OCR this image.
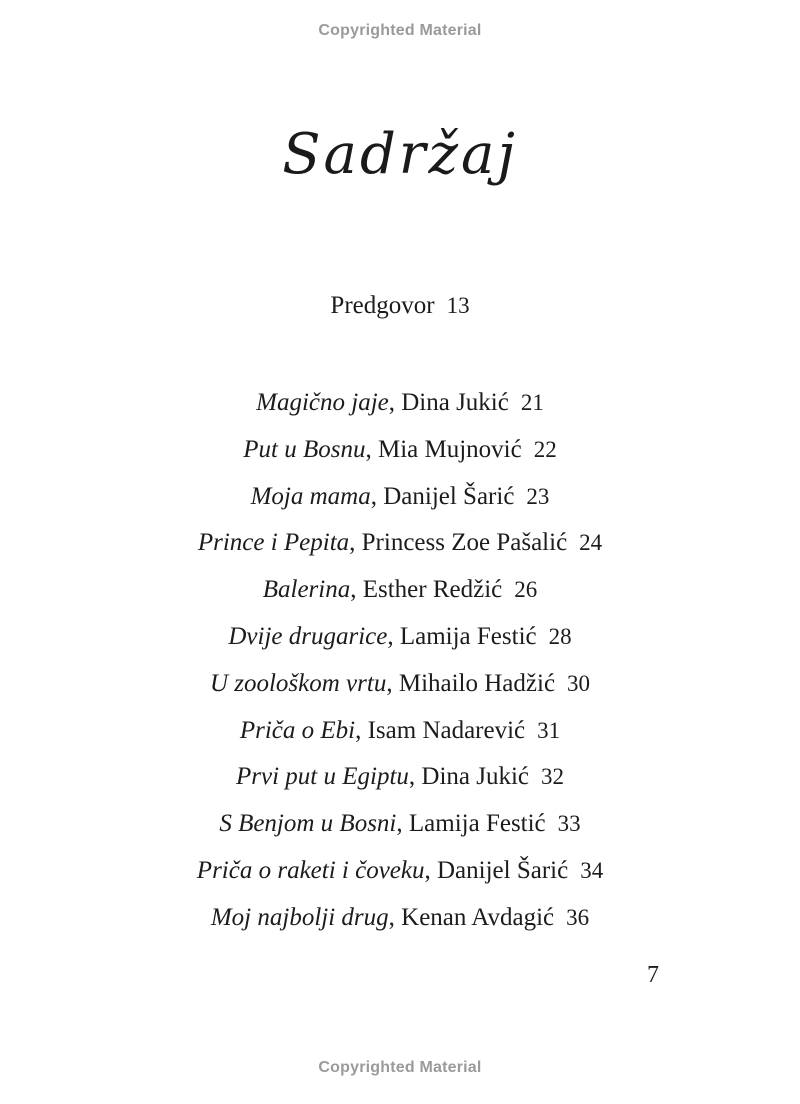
Copyrighted Material
Sadržaj
Predgovor 13
Magično jaje, Dina Jukić 21
Put u Bosnu, Mia Mujnović 22
Moja mama, Danijel Šarić 23
Prince i Pepita, Princess Zoe Pašalić 24
Balerina, Esther Redžić 26
Dvije drugarice, Lamija Festić 28
U zoološkom vrtu, Mihailo Hadžić 30
Priča o Ebi, Isam Nadarević 31
Prvi put u Egiptu, Dina Jukić 32
S Benjom u Bosni, Lamija Festić 33
Priča o raketi i čoveku, Danijel Šarić 34
Moj najbolji drug, Kenan Avdagić 36
7
Copyrighted Material
